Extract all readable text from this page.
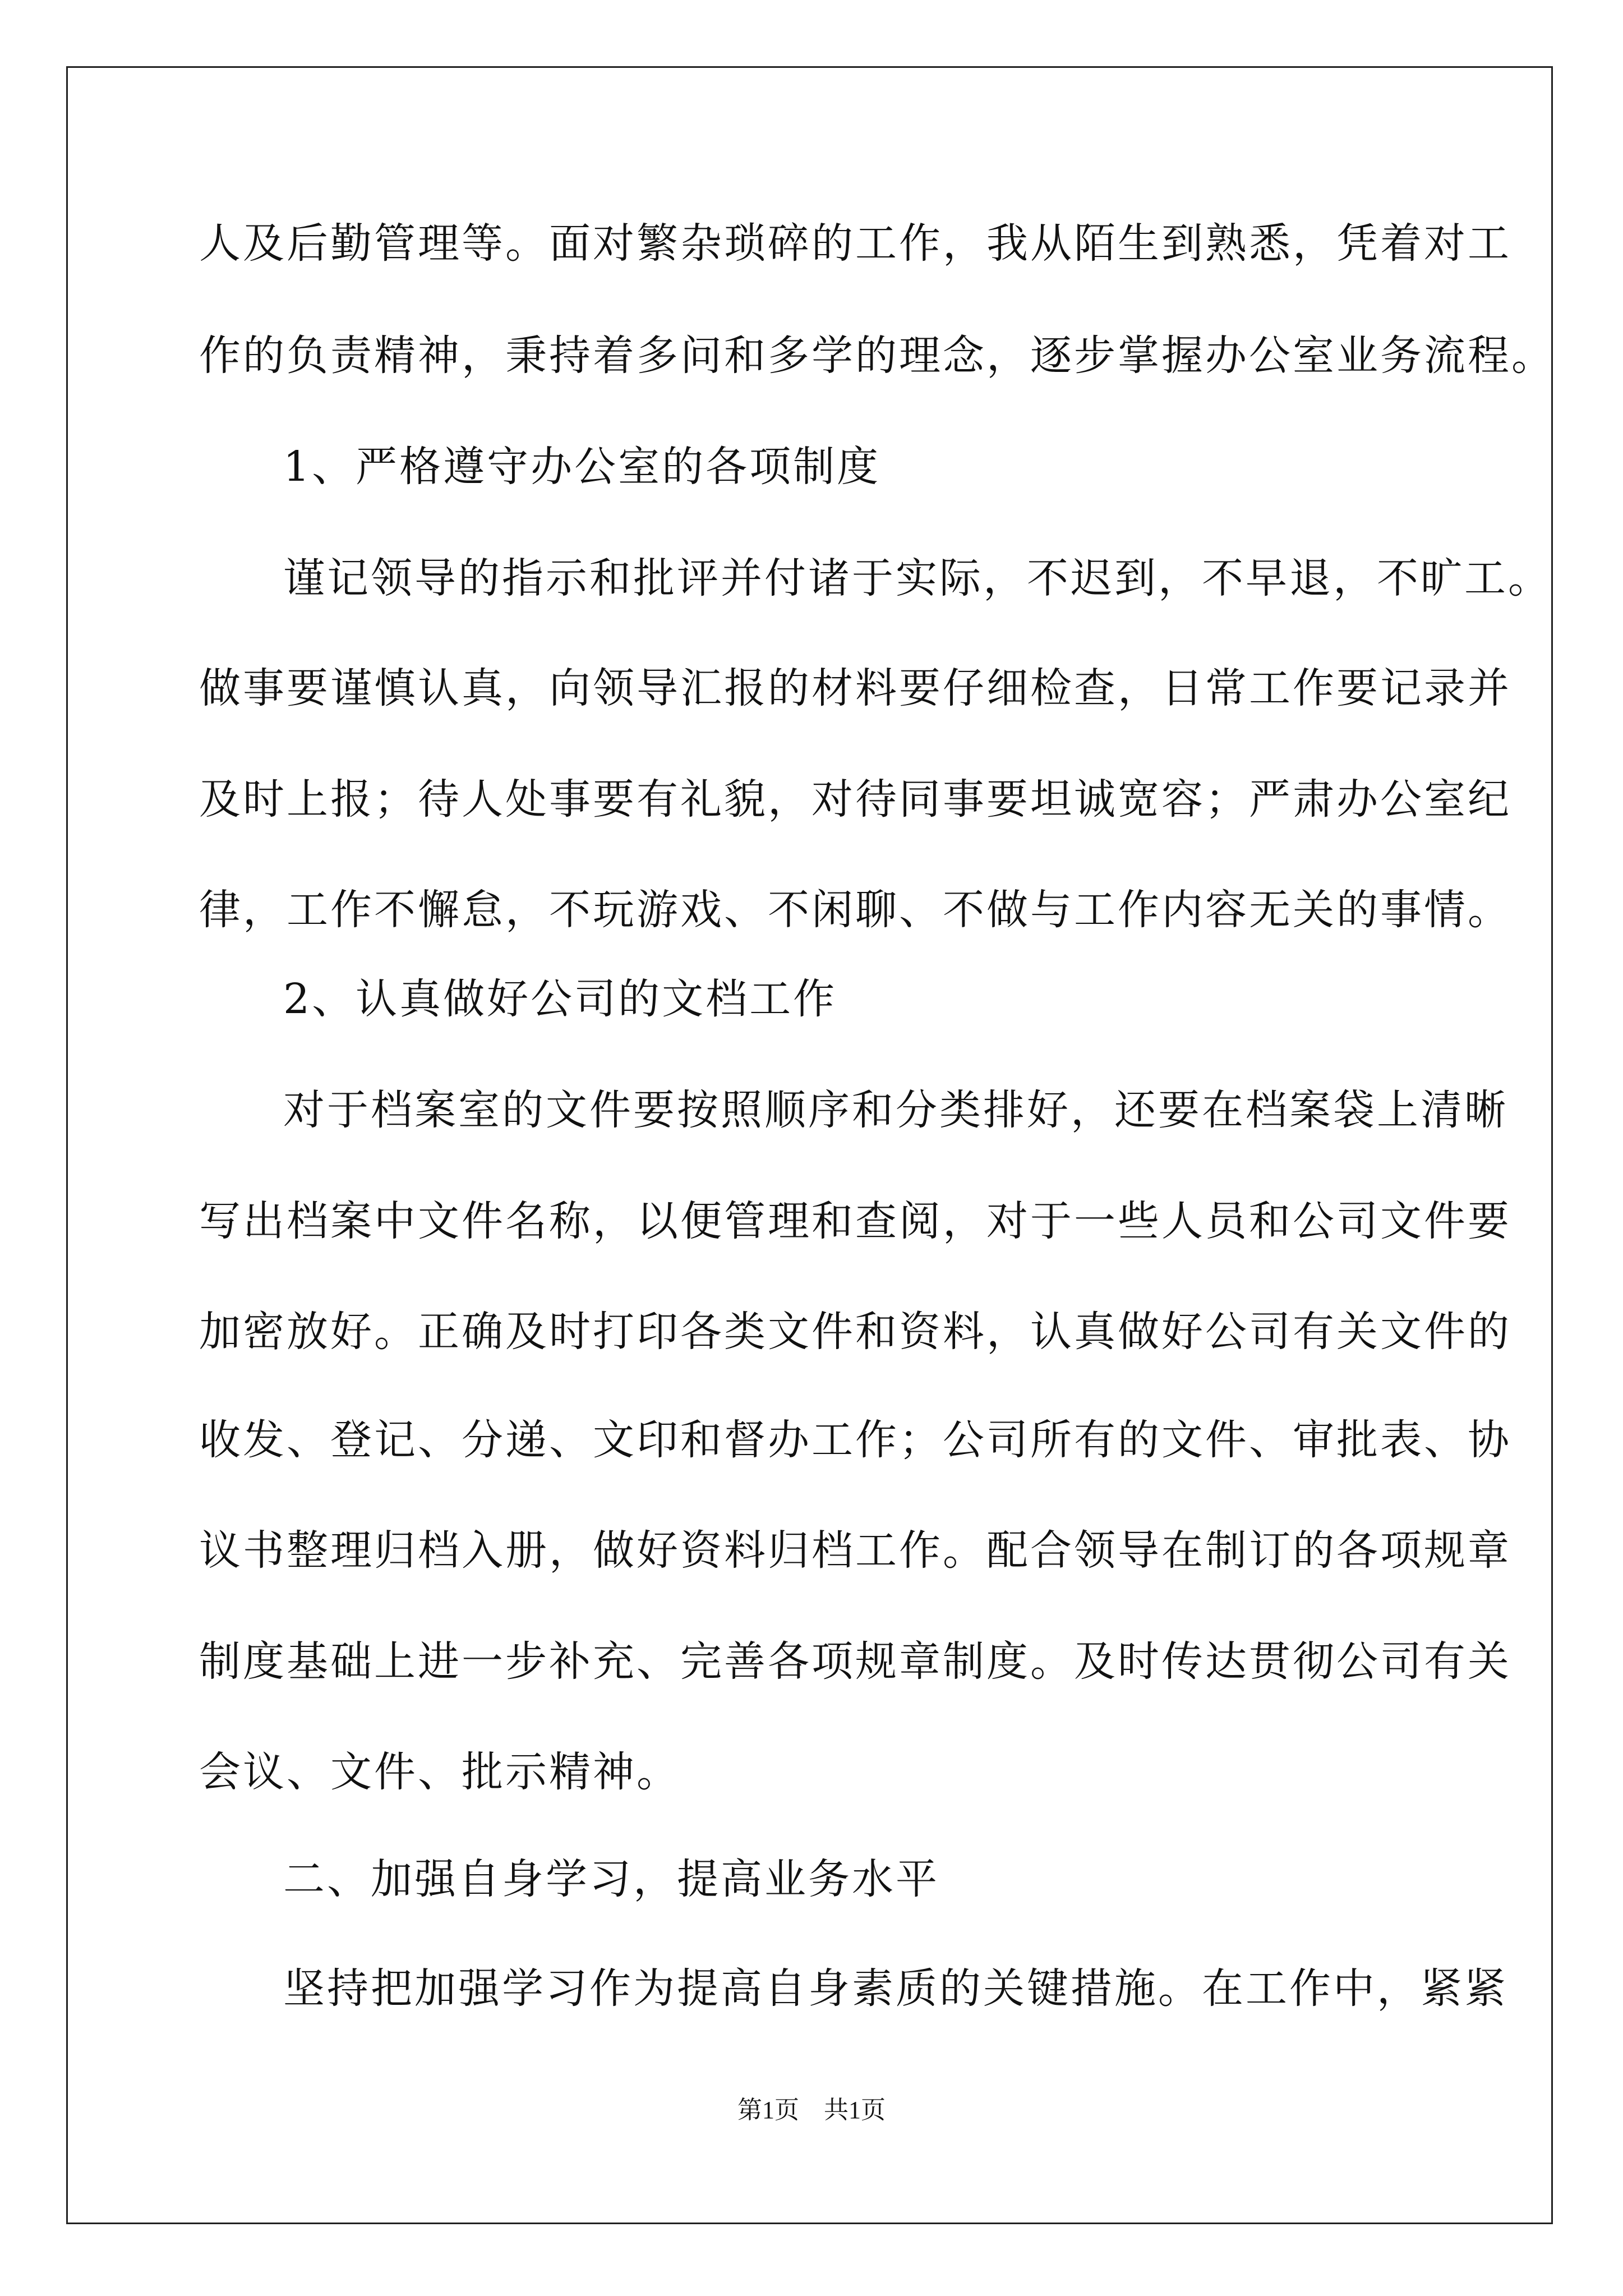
人及后勤管理等。面对繁杂琐碎的工作，我从陌生到熟悉，凭着对工

作的负责精神，秉持着多问和多学的理念，逐步掌握办公室业务流程。

1、严格遵守办公室的各项制度

谨记领导的指示和批评并付诸于实际，不迟到，不早退，不旷工。

做事要谨慎认真，向领导汇报的材料要仔细检查，日常工作要记录并

及时上报；待人处事要有礼貌，对待同事要坦诚宽容；严肃办公室纪

律，工作不懈怠，不玩游戏、不闲聊、不做与工作内容无关的事情。

2、认真做好公司的文档工作

对于档案室的文件要按照顺序和分类排好，还要在档案袋上清晰

写出档案中文件名称，以便管理和查阅，对于一些人员和公司文件要

加密放好。正确及时打印各类文件和资料，认真做好公司有关文件的

收发、登记、分递、文印和督办工作；公司所有的文件、审批表、协

议书整理归档入册，做好资料归档工作。配合领导在制订的各项规章

制度基础上进一步补充、完善各项规章制度。及时传达贯彻公司有关

会议、文件、批示精神。

二、加强自身学习，提高业务水平

坚持把加强学习作为提高自身素质的关键措施。在工作中，紧紧

第1页　共1页
